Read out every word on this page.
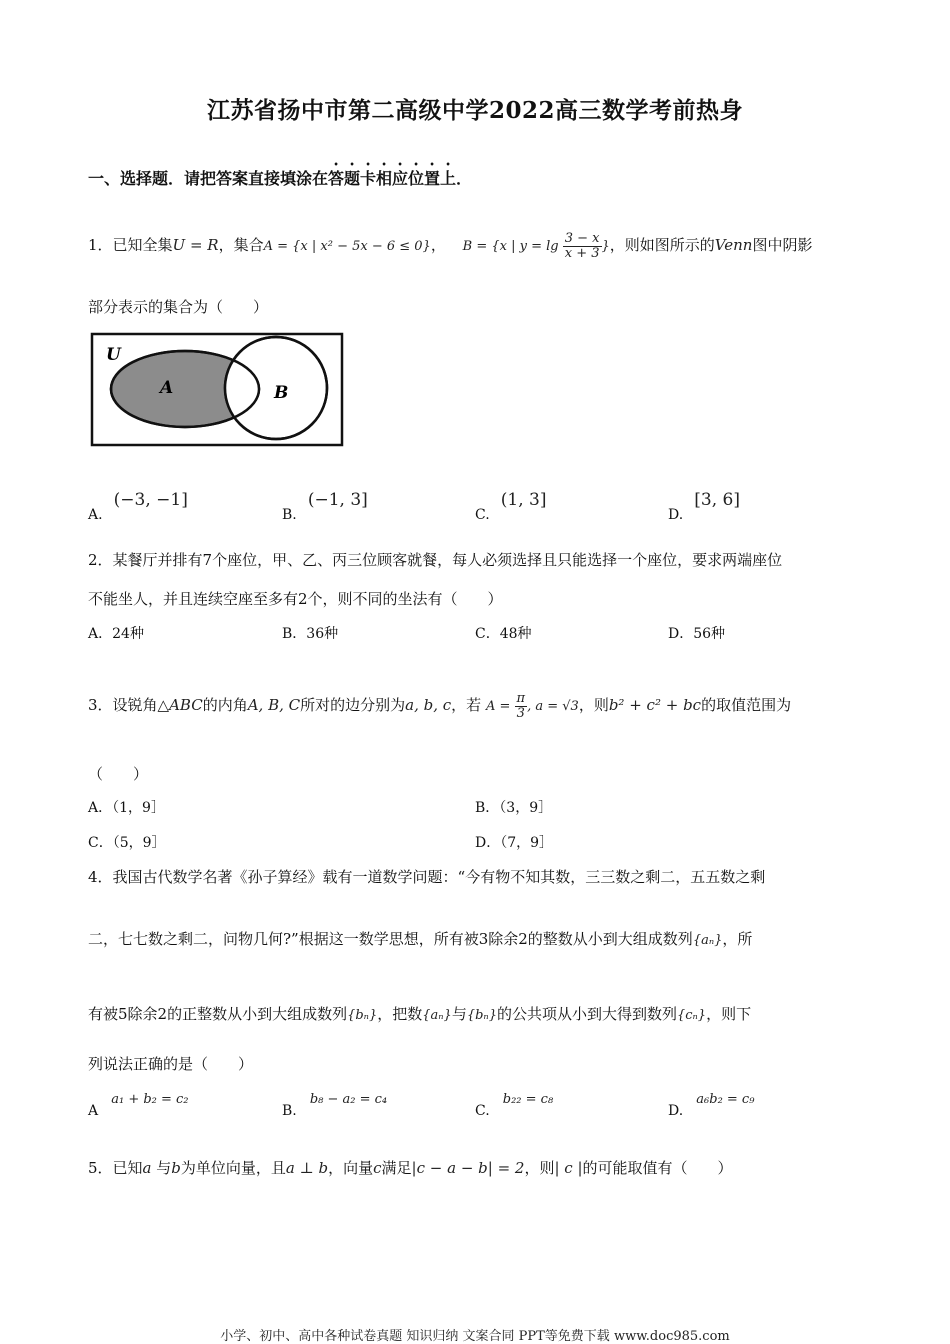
江苏省扬中市第二高级中学2022高三数学考前热身
一、选择题．请把答案直接填涂在答题卡相应位置上．
1．已知全集U = R，集合A = {x | x² − 5x − 6 ≤ 0}， B = {x | $y = \lg \frac{3 - x}{x + 3}$ }，则如图所示的Venn图中阴影
部分表示的集合为（　　）
U
A	B
A. (−3, −1]
B. (−1, 3]
C. (1, 3]
D. [3, 6]
2．某餐厅并排有7个座位，甲、乙、丙三位顾客就餐，每人必须选择且只能选择一个座位，要求两端座位
不能坐人，并且连续空座至多有2个，则不同的坐法有（　　）
A．24种	B．36种	C．48种	D．56种
3．设锐角△ABC的内角A, B, C所对的边分别为a, b, c，若 $A = \frac{\pi}{3}$ , a = √3，则b² + c² + bc的取值范围为
（　　）
A．（1，9］	B．（3，9］
C．（5，9］	D．（7，9］
4．我国古代数学名著《孙子算经》载有一道数学问题：“今有物不知其数，三三数之剩二，五五数之剩
二，七七数之剩二，问物几何?”根据这一数学思想，所有被3除余2的整数从小到大组成数列{aₙ}，所
有被5除余2的正整数从小到大组成数列{bₙ}，把数{aₙ}与{bₙ}的公共项从小到大得到数列{cₙ}，则下
列说法正确的是（　　）
A a₁ + b₂ = c₂
B. b₈ − a₂ = c₄
C. b₂₂ = c₈
D. a₆b₂ = c₉
5．已知a 与b为单位向量，且a ⊥ b，向量c满足|c − a − b| = 2，则| c |的可能取值有（　　）
小学、初中、高中各种试卷真题 知识归纳 文案合同 PPT等免费下载 www.doc985.com
